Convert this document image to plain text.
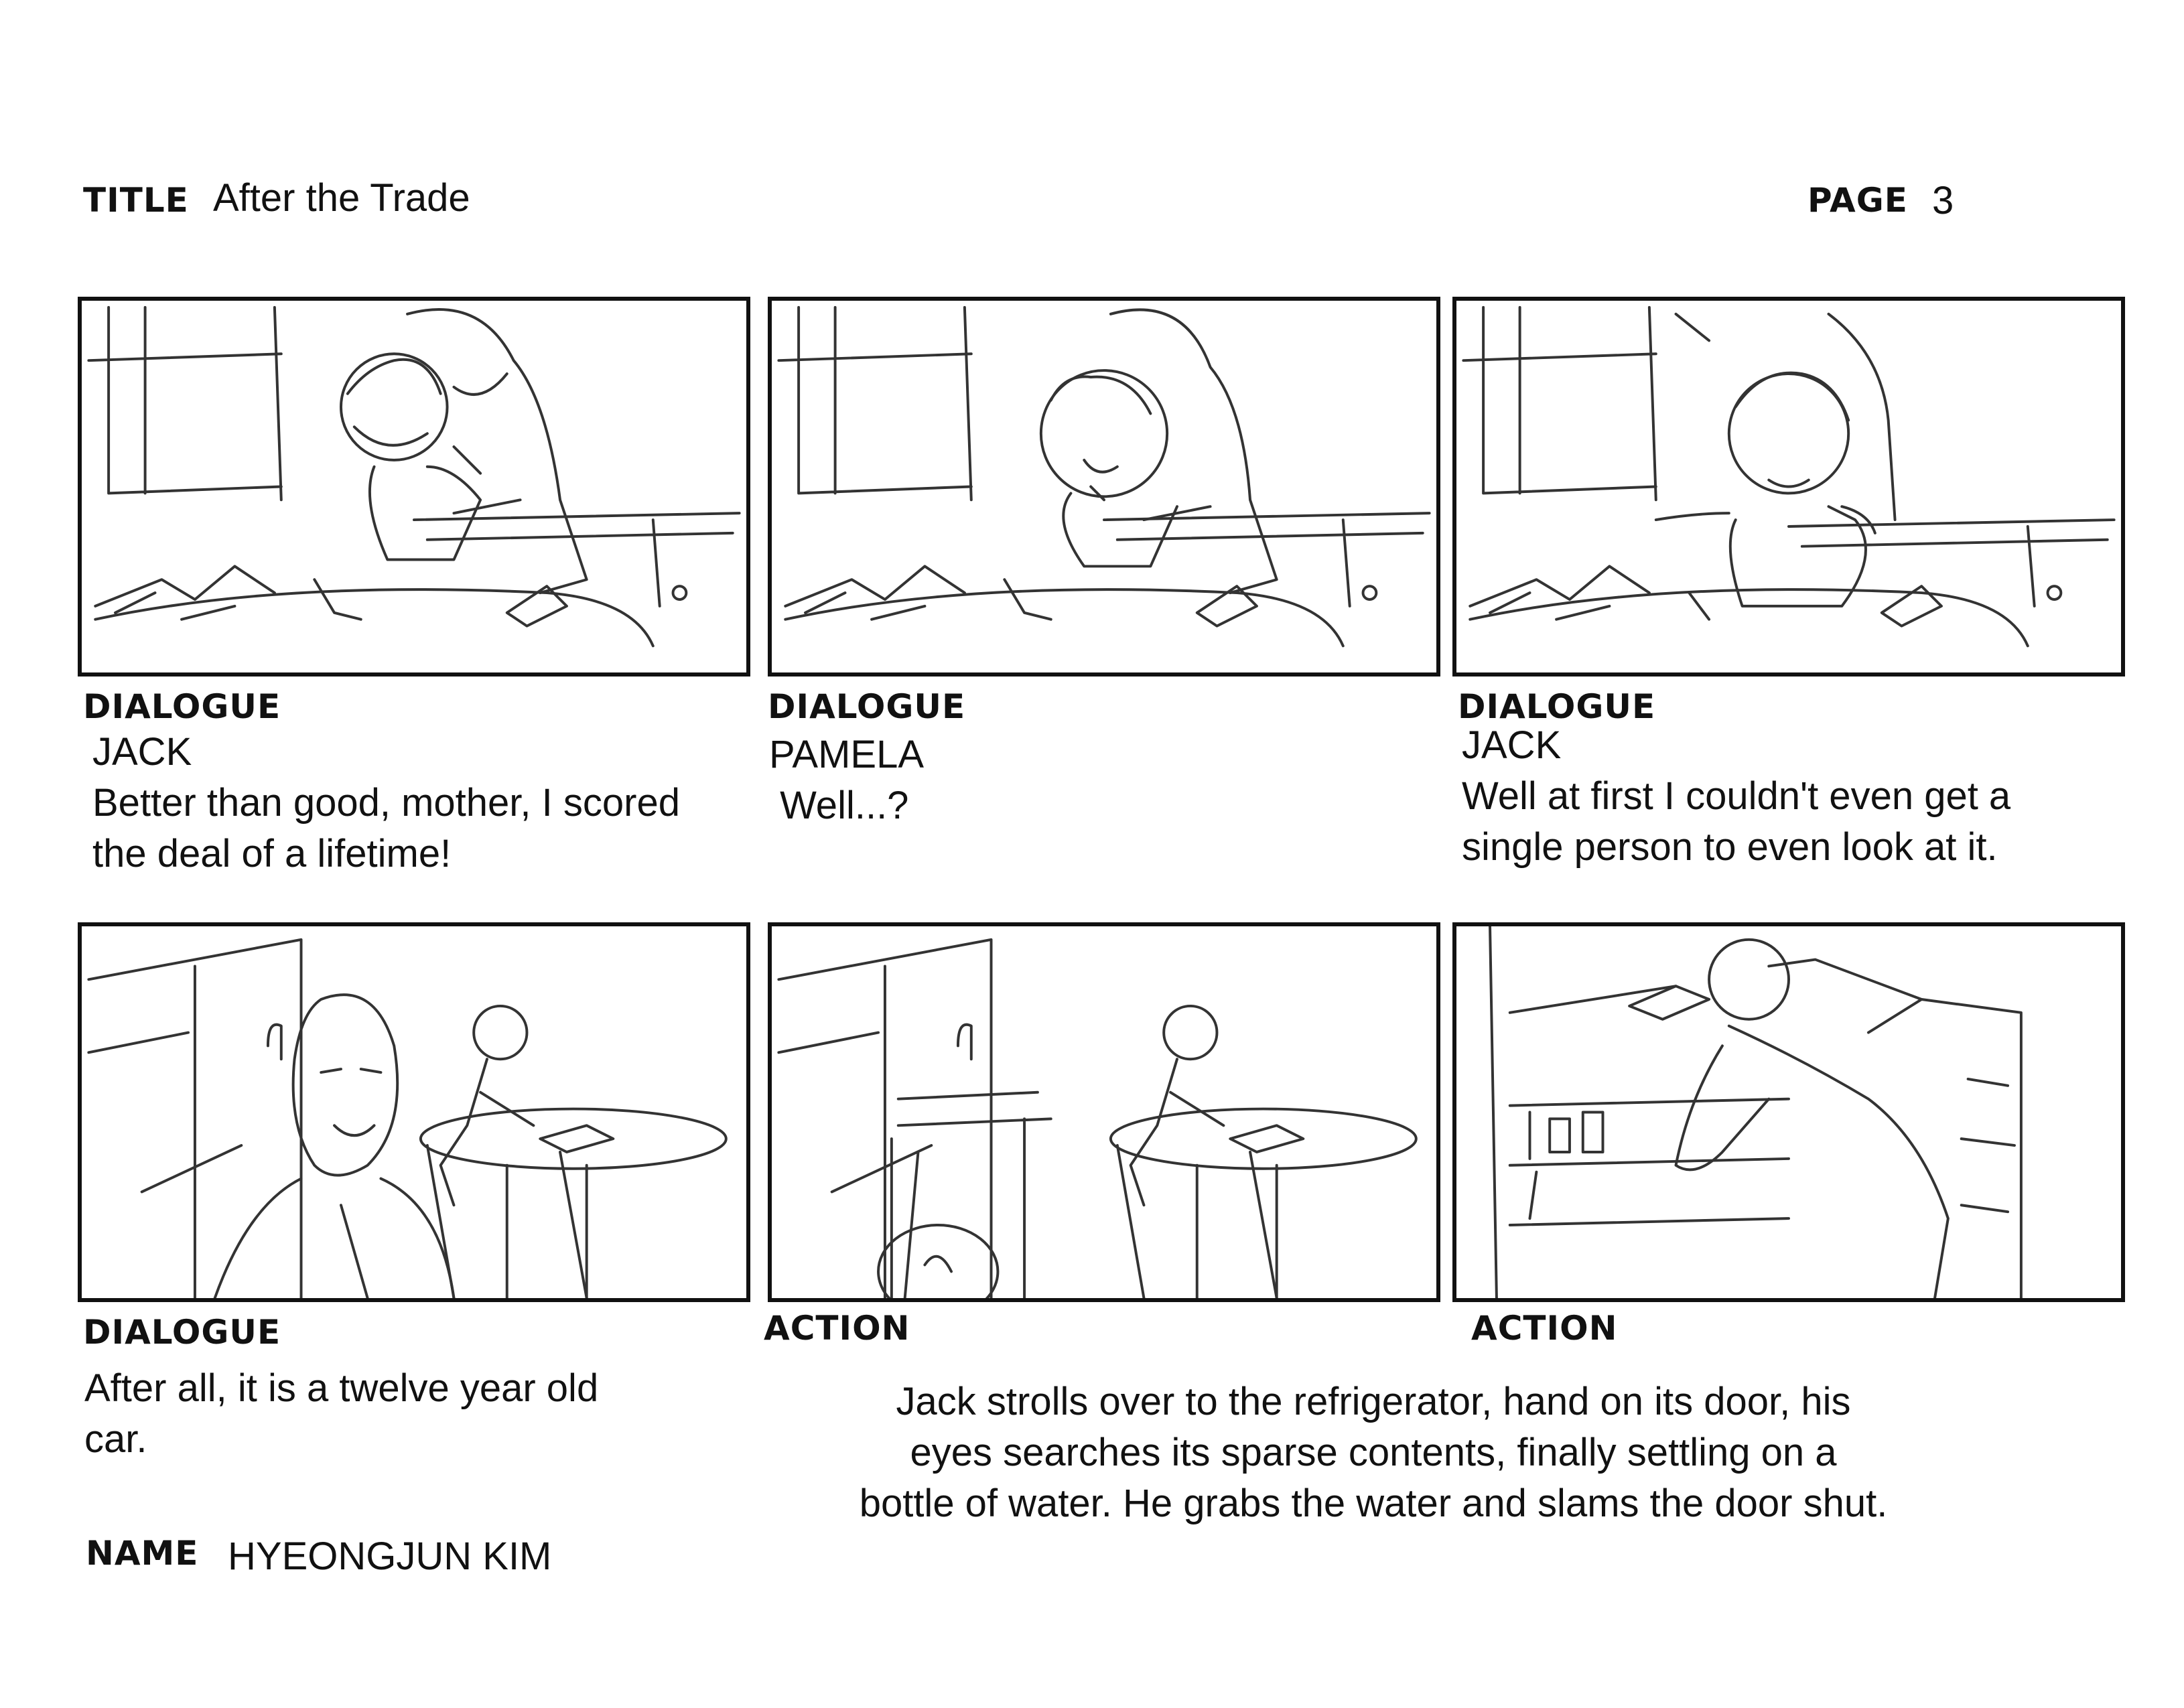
TITLE After the Trade	PAGE 3
DIALOGUE
JACK
Better than good, mother, I scored
the deal of a lifetime!
DIALOGUE
PAMELA
Well...?
DIALOGUE
JACK
Well at first I couldn't even get a
single person to even look at it.
DIALOGUE
After all, it is a twelve year old
car.
ACTION	ACTION
Jack strolls over to the refrigerator, hand on its door, his
eyes searches its sparse contents, finally settling on a
bottle of water. He grabs the water and slams the door shut.
NAME HYEONGJUN KIM
